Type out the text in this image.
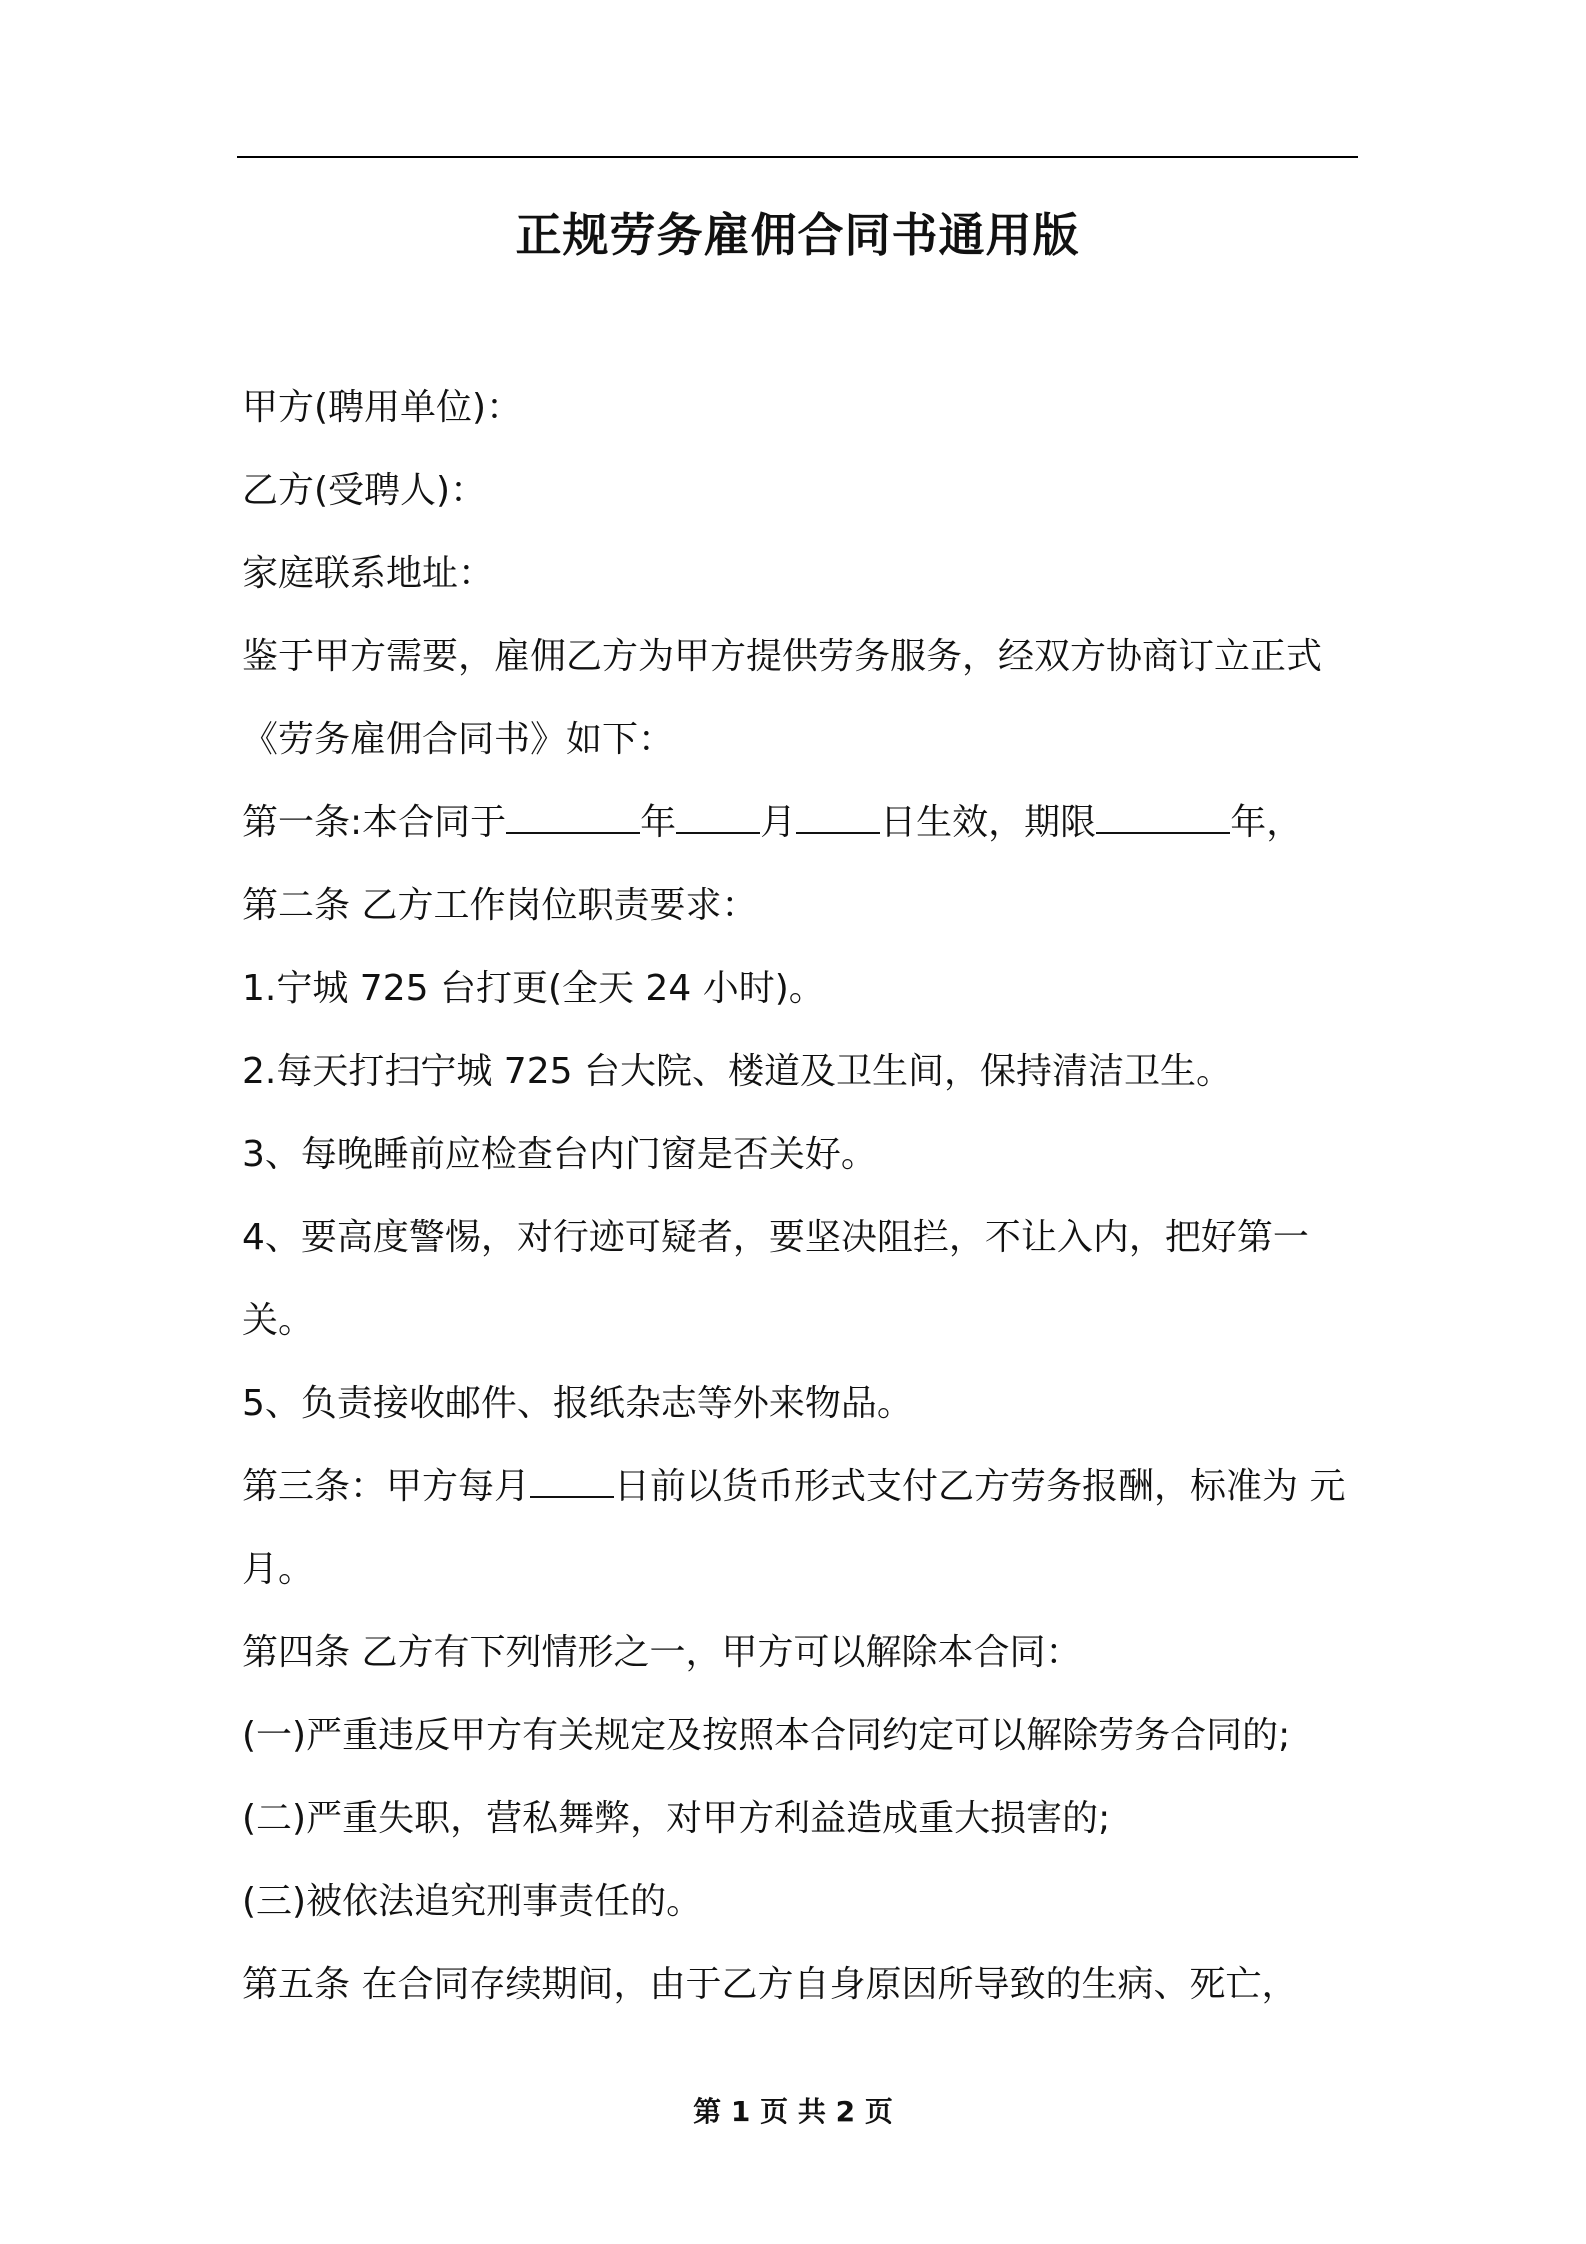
正规劳务雇佣合同书通用版
甲方(聘用单位)：
乙方(受聘人)：
家庭联系地址：
鉴于甲方需要，雇佣乙方为甲方提供劳务服务，经双方协商订立正式
《劳务雇佣合同书》如下：
第一条:本合同于	年 月 日生效，期限	年，
第二条 乙方工作岗位职责要求：
1.宁城 725 台打更(全天 24 小时)。
2.每天打扫宁城 725 台大院、楼道及卫生间，保持清洁卫生。
3、每晚睡前应检查台内门窗是否关好。
4、要高度警惕，对行迹可疑者，要坚决阻拦，不让入内，把好第一
关。
5、负责接收邮件、报纸杂志等外来物品。
第三条：甲方每月 日前以货币形式支付乙方劳务报酬，标准为 元
月。
第四条 乙方有下列情形之一，甲方可以解除本合同：
(一)严重违反甲方有关规定及按照本合同约定可以解除劳务合同的;
(二)严重失职，营私舞弊，对甲方利益造成重大损害的;
(三)被依法追究刑事责任的。
第五条 在合同存续期间，由于乙方自身原因所导致的生病、死亡，
第 1 页 共 2 页
